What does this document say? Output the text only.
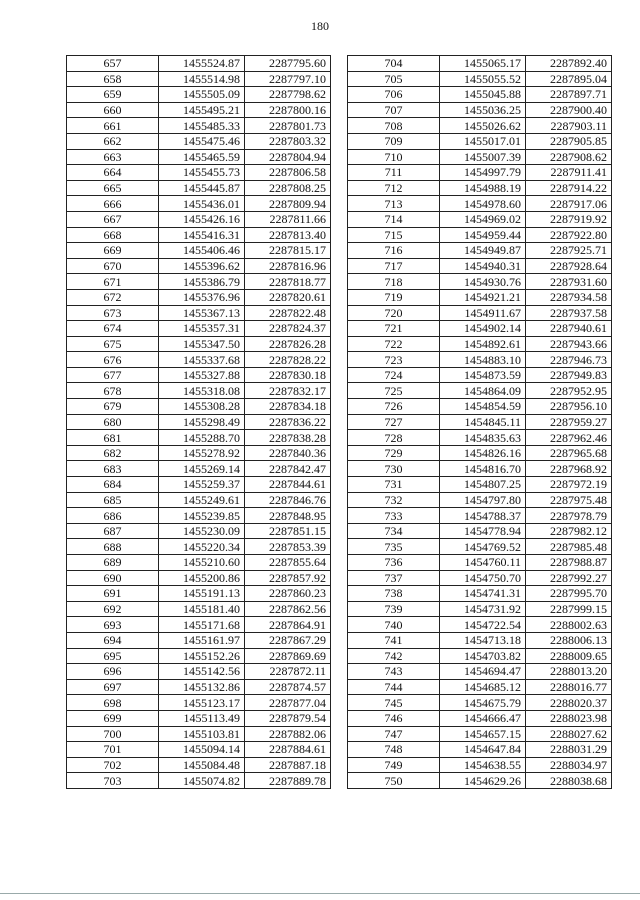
180
657	1455524.87	2287795.60
658	1455514.98	2287797.10
659	1455505.09	2287798.62
660	1455495.21	2287800.16
661	1455485.33	2287801.73
662	1455475.46	2287803.32
663	1455465.59	2287804.94
664	1455455.73	2287806.58
665	1455445.87	2287808.25
666	1455436.01	2287809.94
667	1455426.16	2287811.66
668	1455416.31	2287813.40
669	1455406.46	2287815.17
670	1455396.62	2287816.96
671	1455386.79	2287818.77
672	1455376.96	2287820.61
673	1455367.13	2287822.48
674	1455357.31	2287824.37
675	1455347.50	2287826.28
676	1455337.68	2287828.22
677	1455327.88	2287830.18
678	1455318.08	2287832.17
679	1455308.28	2287834.18
680	1455298.49	2287836.22
681	1455288.70	2287838.28
682	1455278.92	2287840.36
683	1455269.14	2287842.47
684	1455259.37	2287844.61
685	1455249.61	2287846.76
686	1455239.85	2287848.95
687	1455230.09	2287851.15
688	1455220.34	2287853.39
689	1455210.60	2287855.64
690	1455200.86	2287857.92
691	1455191.13	2287860.23
692	1455181.40	2287862.56
693	1455171.68	2287864.91
694	1455161.97	2287867.29
695	1455152.26	2287869.69
696	1455142.56	2287872.11
697	1455132.86	2287874.57
698	1455123.17	2287877.04
699	1455113.49	2287879.54
700	1455103.81	2287882.06
701	1455094.14	2287884.61
702	1455084.48	2287887.18
703	1455074.82	2287889.78
704	1455065.17	2287892.40
705	1455055.52	2287895.04
706	1455045.88	2287897.71
707	1455036.25	2287900.40
708	1455026.62	2287903.11
709	1455017.01	2287905.85
710	1455007.39	2287908.62
711	1454997.79	2287911.41
712	1454988.19	2287914.22
713	1454978.60	2287917.06
714	1454969.02	2287919.92
715	1454959.44	2287922.80
716	1454949.87	2287925.71
717	1454940.31	2287928.64
718	1454930.76	2287931.60
719	1454921.21	2287934.58
720	1454911.67	2287937.58
721	1454902.14	2287940.61
722	1454892.61	2287943.66
723	1454883.10	2287946.73
724	1454873.59	2287949.83
725	1454864.09	2287952.95
726	1454854.59	2287956.10
727	1454845.11	2287959.27
728	1454835.63	2287962.46
729	1454826.16	2287965.68
730	1454816.70	2287968.92
731	1454807.25	2287972.19
732	1454797.80	2287975.48
733	1454788.37	2287978.79
734	1454778.94	2287982.12
735	1454769.52	2287985.48
736	1454760.11	2287988.87
737	1454750.70	2287992.27
738	1454741.31	2287995.70
739	1454731.92	2287999.15
740	1454722.54	2288002.63
741	1454713.18	2288006.13
742	1454703.82	2288009.65
743	1454694.47	2288013.20
744	1454685.12	2288016.77
745	1454675.79	2288020.37
746	1454666.47	2288023.98
747	1454657.15	2288027.62
748	1454647.84	2288031.29
749	1454638.55	2288034.97
750	1454629.26	2288038.68
